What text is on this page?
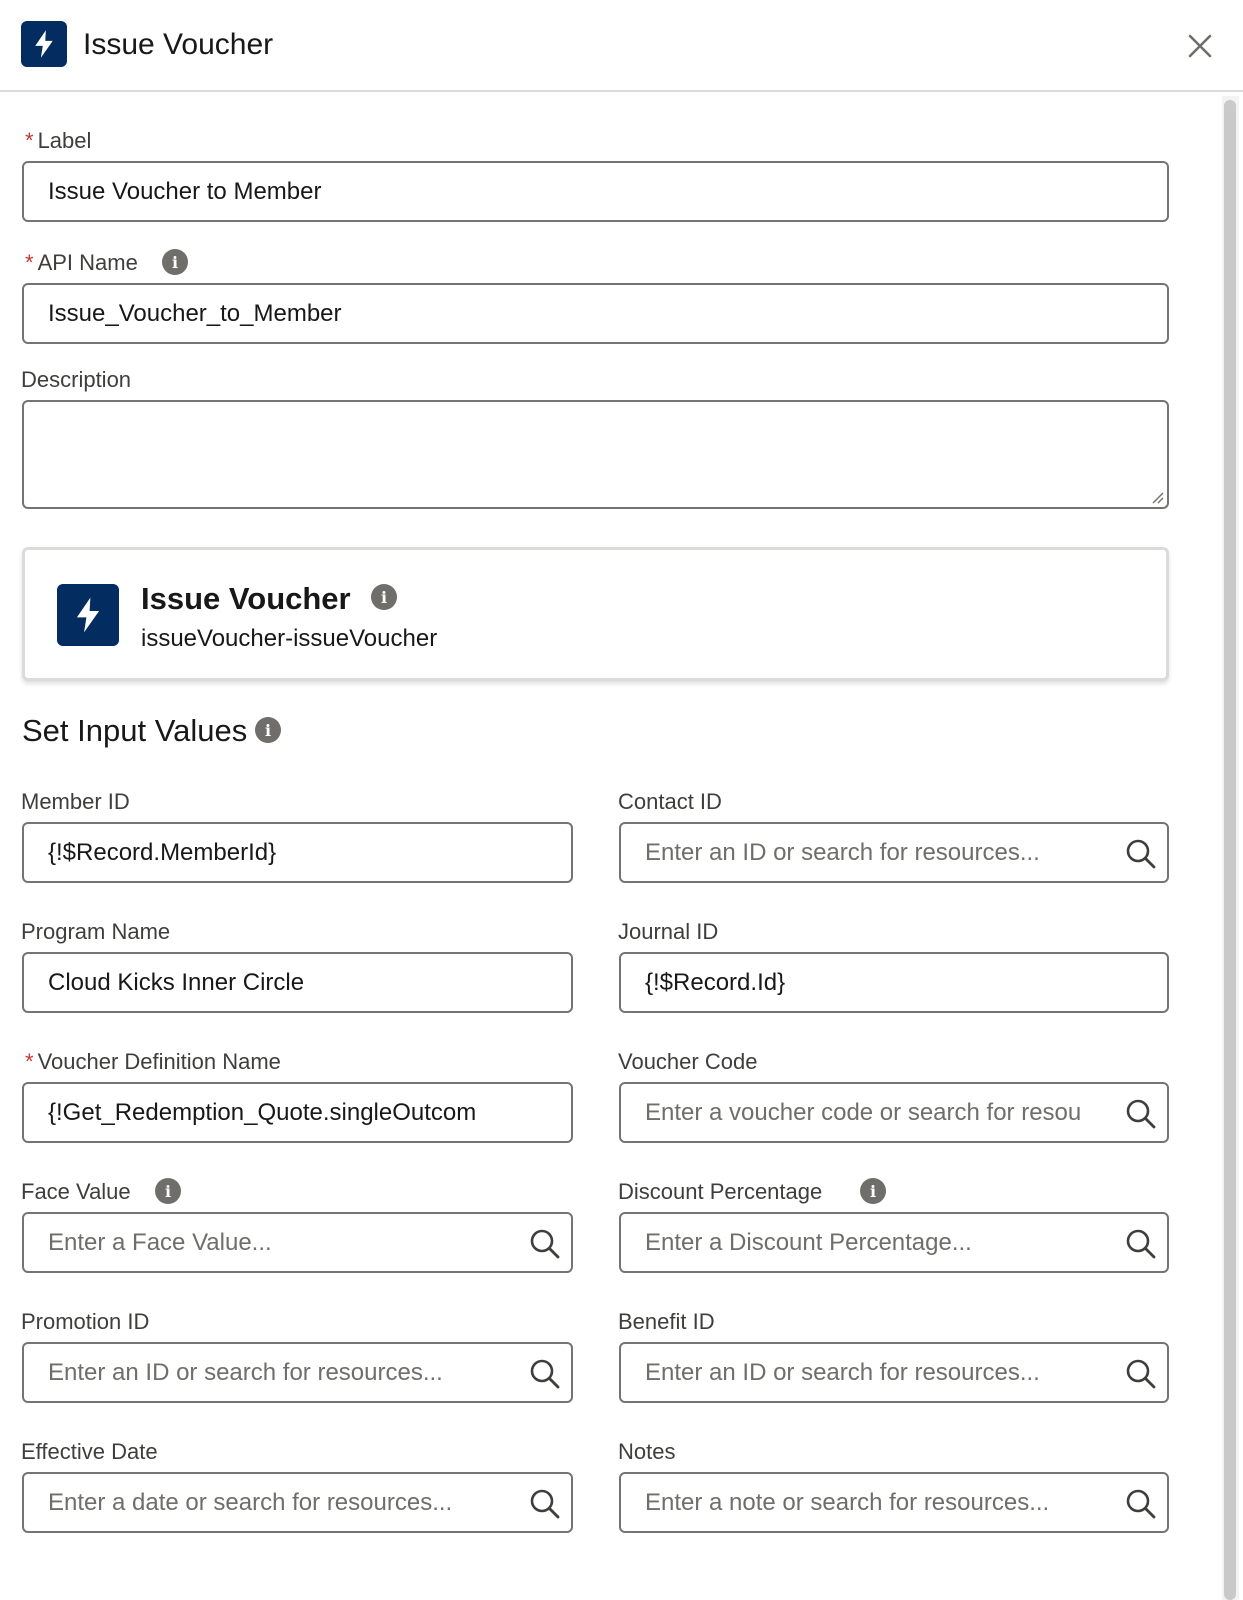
Issue Voucher
* Label
Issue Voucher to Member
* API Name	i
Issue_Voucher_to_Member
Description
Issue Voucher	i
issueVoucher-issueVoucher
Set Input Values	i
Member ID
{!$Record.MemberId}	Contact ID
Enter an ID or search for resources...
Program Name
Cloud Kicks Inner Circle	Journal ID
{!$Record.Id}
* Voucher Definition Name
{!Get_Redemption_Quote.singleOutcom	Voucher Code
Enter a voucher code or search for resou
Face Value	i
Enter a Face Value...	Discount Percentage	i
Enter a Discount Percentage...
Promotion ID
Enter an ID or search for resources...	Benefit ID
Enter an ID or search for resources...
Effective Date
Enter a date or search for resources...	Notes
Enter a note or search for resources...
